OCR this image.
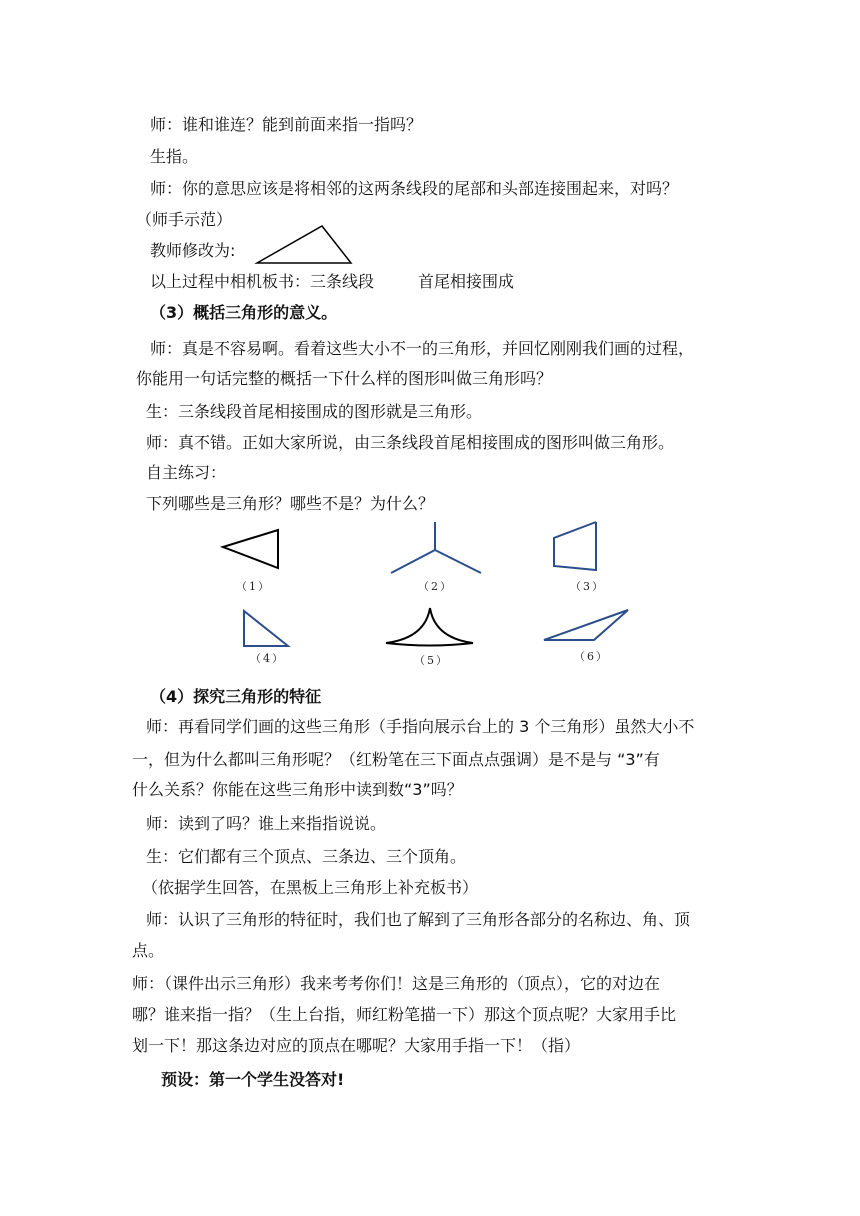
师：谁和谁连？能到前面来指一指吗？
生指。
师：你的意思应该是将相邻的这两条线段的尾部和头部连接围起来，对吗？
（师手示范）
教师修改为:
以上过程中相机板书：三条线段	首尾相接围成
（3）概括三角形的意义。
师：真是不容易啊。看着这些大小不一的三角形，并回忆刚刚我们画的过程，
你能用一句话完整的概括一下什么样的图形叫做三角形吗？
生：三条线段首尾相接围成的图形就是三角形。
师：真不错。正如大家所说，由三条线段首尾相接围成的图形叫做三角形。
自主练习：
下列哪些是三角形？哪些不是？为什么？
（1）	（2）	（3）
（4）	（5）	（6）
（4）探究三角形的特征
师：再看同学们画的这些三角形（手指向展示台上的 3 个三角形）虽然大小不
一，但为什么都叫三角形呢？（红粉笔在三下面点点强调）是不是与 “3”有
什么关系？你能在这些三角形中读到数“3”吗？
师：读到了吗？谁上来指指说说。
生：它们都有三个顶点、三条边、三个顶角。
（依据学生回答，在黑板上三角形上补充板书）
师：认识了三角形的特征时，我们也了解到了三角形各部分的名称边、角、顶
点。
师：（课件出示三角形）我来考考你们！这是三角形的（顶点），它的对边在
哪？谁来指一指？（生上台指，师红粉笔描一下）那这个顶点呢？大家用手比
划一下！那这条边对应的顶点在哪呢？大家用手指一下！（指）
预设：第一个学生没答对!
